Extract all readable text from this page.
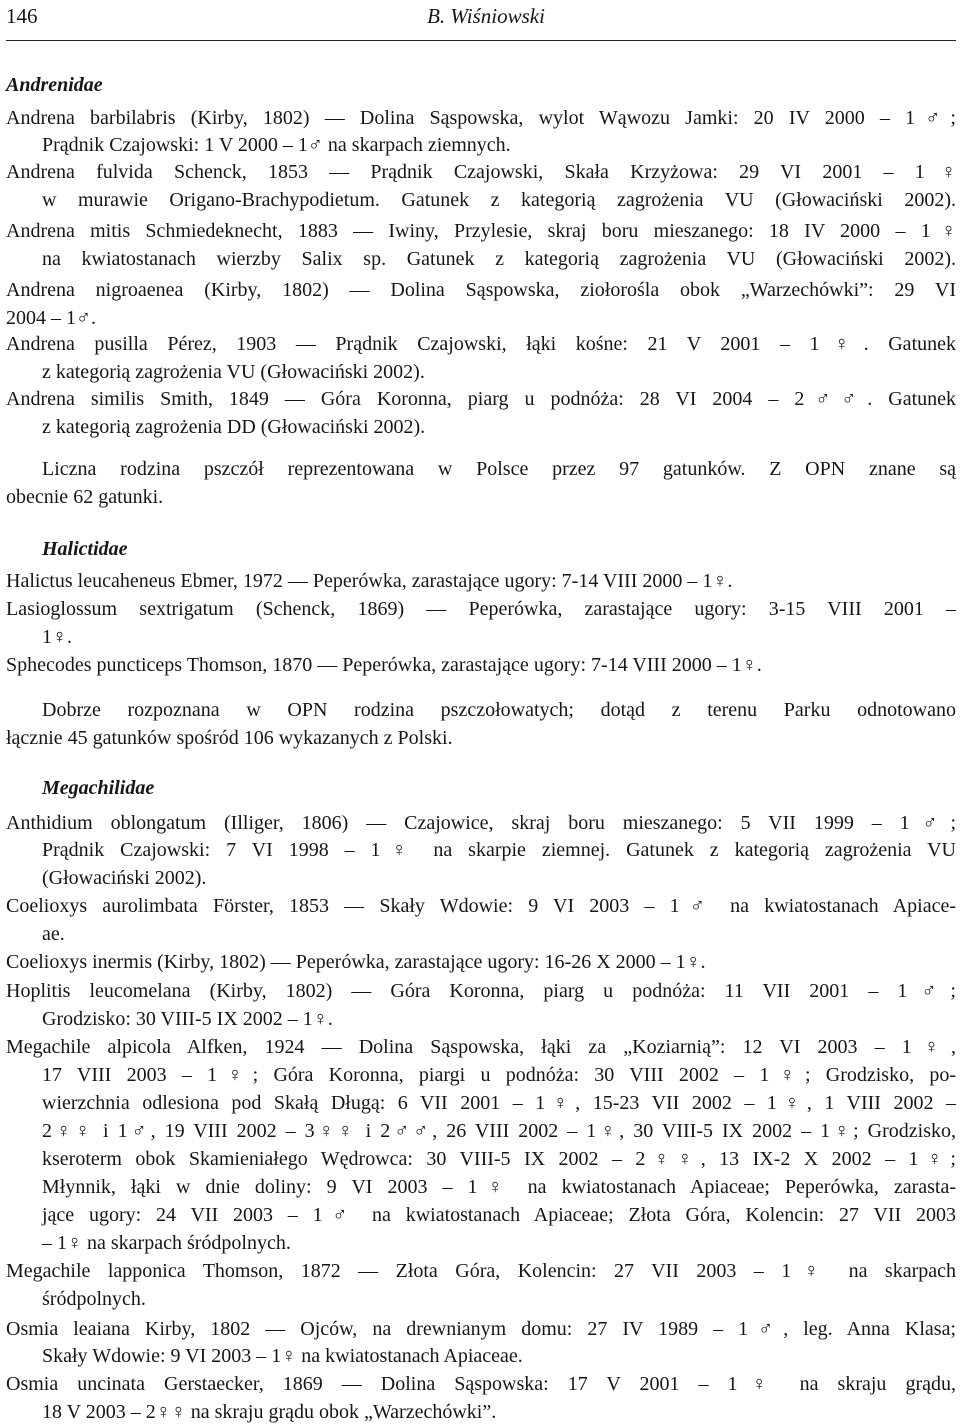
146	B. Wiśniowski
Andrenidae
Andrena barbilabris (Kirby, 1802) — Dolina Sąspowska, wylot Wąwozu Jamki: 20 IV 2000 – 1♂;
Prądnik Czajowski: 1 V 2000 – 1♂ na skarpach ziemnych.
Andrena fulvida Schenck, 1853 — Prądnik Czajowski, Skała Krzyżowa: 29 VI 2001 – 1♀
w murawie Origano-Brachypodietum. Gatunek z kategorią zagrożenia VU (Głowaciński 2002).
Andrena mitis Schmiedeknecht, 1883 — Iwiny, Przylesie, skraj boru mieszanego: 18 IV 2000 – 1♀
na kwiatostanach wierzby Salix sp. Gatunek z kategorią zagrożenia VU (Głowaciński 2002).
Andrena nigroaenea (Kirby, 1802) — Dolina Sąspowska, ziołorośla obok „Warzechówki”: 29 VI
2004 – 1♂.
Andrena pusilla Pérez, 1903 — Prądnik Czajowski, łąki kośne: 21 V 2001 – 1♀. Gatunek
z kategorią zagrożenia VU (Głowaciński 2002).
Andrena similis Smith, 1849 — Góra Koronna, piarg u podnóża: 28 VI 2004 – 2♂♂. Gatunek
z kategorią zagrożenia DD (Głowaciński 2002).
Liczna rodzina pszczół reprezentowana w Polsce przez 97 gatunków. Z OPN znane są
obecnie 62 gatunki.
Halictidae
Halictus leucaheneus Ebmer, 1972 — Peperówka, zarastające ugory: 7-14 VIII 2000 – 1♀.
Lasioglossum sextrigatum (Schenck, 1869) — Peperówka, zarastające ugory: 3-15 VIII 2001 –
1♀.
Sphecodes puncticeps Thomson, 1870 — Peperówka, zarastające ugory: 7-14 VIII 2000 – 1♀.
Dobrze rozpoznana w OPN rodzina pszczołowatych; dotąd z terenu Parku odnotowano
łącznie 45 gatunków spośród 106 wykazanych z Polski.
Megachilidae
Anthidium oblongatum (Illiger, 1806) — Czajowice, skraj boru mieszanego: 5 VII 1999 – 1♂;
Prądnik Czajowski: 7 VI 1998 – 1♀ na skarpie ziemnej. Gatunek z kategorią zagrożenia VU
(Głowaciński 2002).
Coelioxys aurolimbata Förster, 1853 — Skały Wdowie: 9 VI 2003 – 1♂ na kwiatostanach Apiace-
ae.
Coelioxys inermis (Kirby, 1802) — Peperówka, zarastające ugory: 16-26 X 2000 – 1♀.
Hoplitis leucomelana (Kirby, 1802) — Góra Koronna, piarg u podnóża: 11 VII 2001 – 1♂;
Grodzisko: 30 VIII-5 IX 2002 – 1♀.
Megachile alpicola Alfken, 1924 — Dolina Sąspowska, łąki za „Koziarnią”: 12 VI 2003 – 1♀,
17 VIII 2003 – 1♀; Góra Koronna, piargi u podnóża: 30 VIII 2002 – 1♀; Grodzisko, po-
wierzchnia odlesiona pod Skałą Długą: 6 VII 2001 – 1♀, 15-23 VII 2002 – 1♀, 1 VIII 2002 –
2♀♀ i 1♂, 19 VIII 2002 – 3♀♀ i 2♂♂, 26 VIII 2002 – 1♀, 30 VIII-5 IX 2002 – 1♀; Grodzisko,
kseroterm obok Skamieniałego Wędrowca: 30 VIII-5 IX 2002 – 2♀♀, 13 IX-2 X 2002 – 1♀;
Młynnik, łąki w dnie doliny: 9 VI 2003 – 1♀ na kwiatostanach Apiaceae; Peperówka, zarasta-
jące ugory: 24 VII 2003 – 1♂ na kwiatostanach Apiaceae; Złota Góra, Kolencin: 27 VII 2003
– 1♀ na skarpach śródpolnych.
Megachile lapponica Thomson, 1872 — Złota Góra, Kolencin: 27 VII 2003 – 1♀ na skarpach
śródpolnych.
Osmia leaiana Kirby, 1802 — Ojców, na drewnianym domu: 27 IV 1989 – 1♂, leg. Anna Klasa;
Skały Wdowie: 9 VI 2003 – 1♀ na kwiatostanach Apiaceae.
Osmia uncinata Gerstaecker, 1869 — Dolina Sąspowska: 17 V 2001 – 1♀ na skraju grądu,
18 V 2003 – 2♀♀ na skraju grądu obok „Warzechówki”.
